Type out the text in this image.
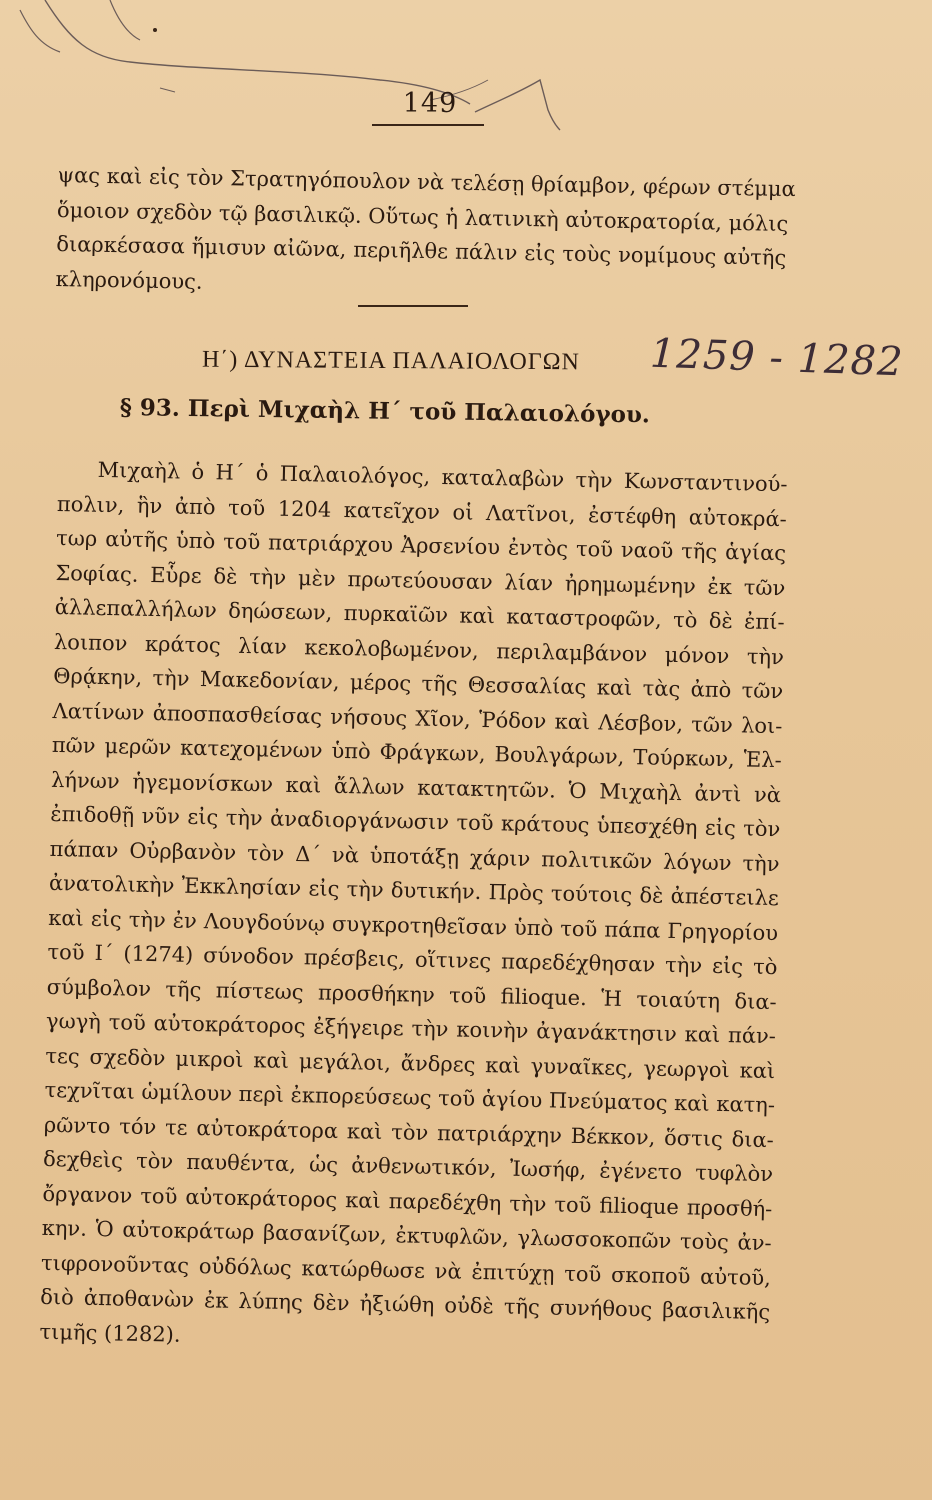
149
ψας καὶ εἰς τὸν Στρατηγόπουλον νὰ τελέσῃ θρίαμβον, φέρων στέμμα
ὅμοιον σχεδὸν τῷ βασιλικῷ. Οὕτως ἡ λατινικὴ αὐτοκρατορία, μόλις
διαρκέσασα ἥμισυν αἰῶνα, περιῆλθε πάλιν εἰς τοὺς νομίμους αὐτῆς
κληρονόμους.
Η΄) ΔΥΝΑΣΤΕΙΑ ΠΑΛΑΙΟΛΟΓΩΝ 1259 - 1282
§ 93. Περὶ Μιχαὴλ Η΄ τοῦ Παλαιολόγου.
Μιχαὴλ ὁ Η΄ ὁ Παλαιολόγος, καταλαβὼν τὴν Κωνσταντινού-
πολιν, ἣν ἀπὸ τοῦ 1204 κατεῖχον οἱ Λατῖνοι, ἐστέφθη αὐτοκρά-
τωρ αὐτῆς ὑπὸ τοῦ πατριάρχου Ἀρσενίου ἐντὸς τοῦ ναοῦ τῆς ἁγίας
Σοφίας. Εὗρε δὲ τὴν μὲν πρωτεύουσαν λίαν ἠρημωμένην ἐκ τῶν
ἀλλεπαλλήλων δηώσεων, πυρκαϊῶν καὶ καταστροφῶν, τὸ δὲ ἐπί-
λοιπον κράτος λίαν κεκολοβωμένον, περιλαμβάνον μόνον τὴν
Θρᾴκην, τὴν Μακεδονίαν, μέρος τῆς Θεσσαλίας καὶ τὰς ἀπὸ τῶν
Λατίνων ἀποσπασθείσας νήσους Χῖον, Ῥόδον καὶ Λέσβον, τῶν λοι-
πῶν μερῶν κατεχομένων ὑπὸ Φράγκων, Βουλγάρων, Τούρκων, Ἑλ-
λήνων ἡγεμονίσκων καὶ ἄλλων κατακτητῶν. Ὁ Μιχαὴλ ἀντὶ νὰ
ἐπιδοθῇ νῦν εἰς τὴν ἀναδιοργάνωσιν τοῦ κράτους ὑπεσχέθη εἰς τὸν
πάπαν Οὐρβανὸν τὸν Δ΄ νὰ ὑποτάξῃ χάριν πολιτικῶν λόγων τὴν
ἀνατολικὴν Ἐκκλησίαν εἰς τὴν δυτικήν. Πρὸς τούτοις δὲ ἀπέστειλε
καὶ εἰς τὴν ἐν Λουγδούνῳ συγκροτηθεῖσαν ὑπὸ τοῦ πάπα Γρηγορίου
τοῦ Ι΄ (1274) σύνοδον πρέσβεις, οἵτινες παρεδέχθησαν τὴν εἰς τὸ
σύμβολον τῆς πίστεως προσθήκην τοῦ filioque. Ἡ τοιαύτη δια-
γωγὴ τοῦ αὐτοκράτορος ἐξήγειρε τὴν κοινὴν ἀγανάκτησιν καὶ πάν-
τες σχεδὸν μικροὶ καὶ μεγάλοι, ἄνδρες καὶ γυναῖκες, γεωργοὶ καὶ
τεχνῖται ὡμίλουν περὶ ἐκπορεύσεως τοῦ ἁγίου Πνεύματος καὶ κατη-
ρῶντο τόν τε αὐτοκράτορα καὶ τὸν πατριάρχην Βέκκον, ὅστις δια-
δεχθεὶς τὸν παυθέντα, ὡς ἀνθενωτικόν, Ἰωσήφ, ἐγένετο τυφλὸν
ὄργανον τοῦ αὐτοκράτορος καὶ παρεδέχθη τὴν τοῦ filioque προσθή-
κην. Ὁ αὐτοκράτωρ βασανίζων, ἐκτυφλῶν, γλωσσοκοπῶν τοὺς ἀν-
τιφρονοῦντας οὐδόλως κατώρθωσε νὰ ἐπιτύχῃ τοῦ σκοποῦ αὐτοῦ,
διὸ ἀποθανὼν ἐκ λύπης δὲν ἠξιώθη οὐδὲ τῆς συνήθους βασιλικῆς
τιμῆς (1282).
